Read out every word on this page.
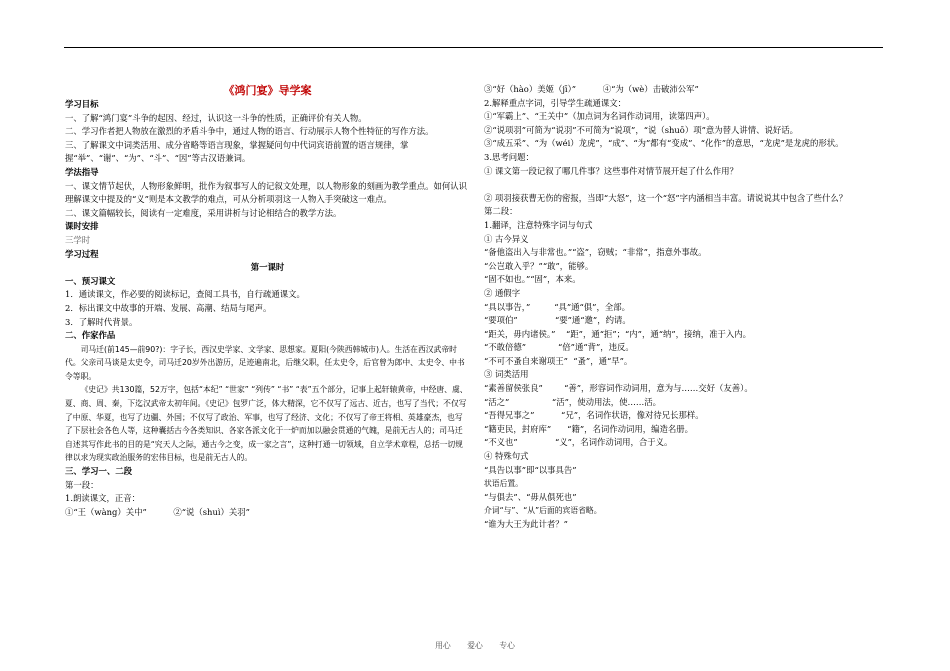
《鸿门宴》导学案

学习目标

一、了解“鸿门宴”斗争的起因、经过，认识这一斗争的性质，正确评价有关人物。

二、学习作者把人物放在激烈的矛盾斗争中，通过人物的语言、行动展示人物个性特征的写作方法。

三、了解课文中词类活用、成分省略等语言现象，掌握疑问句中代词宾语前置的语言规律，掌握“举”、“谢”、“为”、“斗”、“因”等古汉语兼词。

学法指导

一、课文情节起伏，人物形象鲜明，批作为叙事写人的记叙文处理，以人物形象的刻画为教学重点。如何认识理解课文中提及的“义”则是本文教学的难点，可从分析项羽这一人物入手突破这一难点。

二、课文篇幅较长，阅读有一定难度，采用讲析与讨论相结合的教学方法。

课时安排

三学时

学习过程

第一课时

一、预习课文

1．通读课文，作必要的阅读标记，查阅工具书，自行疏通课文。

2．标出课文中故事的开端、发展、高潮、结局与尾声。

3．了解时代背景。

二、作家作品

司马迁(前145—前90?)：字子长，西汉史学家、文学家、思想家。夏阳(今陕西韩城市)人。生活在西汉武帝时代。父亲司马谈是太史令，司马迁20岁外出游历，足迹遍南北，后继父职，任太史令，后官曾为郎中、太史令、中书令等职。

《史记》共130篇，52万字，包括“本纪” “世家” “列传” “书” “表”五个部分，记事上起轩辕黄帝，中经唐、虞、夏、商、周、秦，下迄汉武帝太初年间。《史记》包罗广泛，体大精深，它不仅写了远古、近古，也写了当代；不仅写了中原、华夏，也写了边疆、外国；不仅写了政治、军事，也写了经济、文化；不仅写了帝王将相、英雄豪杰，也写了下层社会各色人等，这种囊括古今各类知识、各家各派文化于一炉而加以融会贯通的气魄，是前无古人的；司马迁自述其写作此书的目的是“究天人之际，通古今之变，成一家之言”，这种打通一切领域，自立学术章程，总括一切规律以求为现实政治服务的宏伟目标，也是前无古人的。

三、学习一、二段

第一段：

1.朗读课文，正音：

①“王（wàng）关中”          ②“说（shuì）关羽”

③“好（hào）美姬（jī）”          ④“为（wè）击破沛公军”

2.解释重点字词，引导学生疏通课文：

①“军霸上”、“王关中”（加点词为名词作动词用，读第四声）。

②“说项羽”可简为“说羽”不可简为“说项”，“说（shuō）项”意为替人讲情、说好话。

③“成五采”、“为（wéi）龙虎”，“成”、“为”都有“变成”、“化作”的意思，“龙虎”是龙虎的形状。

3.思考问题：

① 课文第一段记叙了哪几件事？这些事件对情节展开起了什么作用？

② 项羽接获曹无伤的密报，当即“大怒”，这一个“怒”字内涵相当丰富。请说说其中包含了些什么？

第二段：

1.翻译，注意特殊字词与句式

① 古今异义

“备他盗出入与非常也。”“盗”，窃贼；“非常”，指意外事故。

“公岂敢入乎？”“敢”，能够。

“固不如也。”“固”，本来。

② 通假字

“具以事告，”         “具”通“俱”，全部。

“要项伯”              “要”通“邀”，约请。

“距关，毋内诸侯。”    “距”，通“拒”；“内”，通“纳”，接纳，准于入内。

“不敢倍德”            “倍”通“背”，违反。

“不可不蚤自来谢项王”  “蚤”，通“早”。

③ 词类活用

“素善留侯张良”        “善”，形容词作动词用，意为与……交好（友善）。

“活之”                “活”，使动用法，使……活。

“吾得兄事之”          “兄”，名词作状语，像对待兄长那样。

“籍吏民，封府库”      “籍”，名词作动词用，编造名册。

“不义也”              “义”，名词作动词用，合于义。

④ 特殊句式

“具告以事”即“以事具告”

状语后置。

“与俱去”、“毋从俱死也”

介词“与”、“从”后面的宾语省略。

“谁为大王为此计者？”

用心 爱心 专心
